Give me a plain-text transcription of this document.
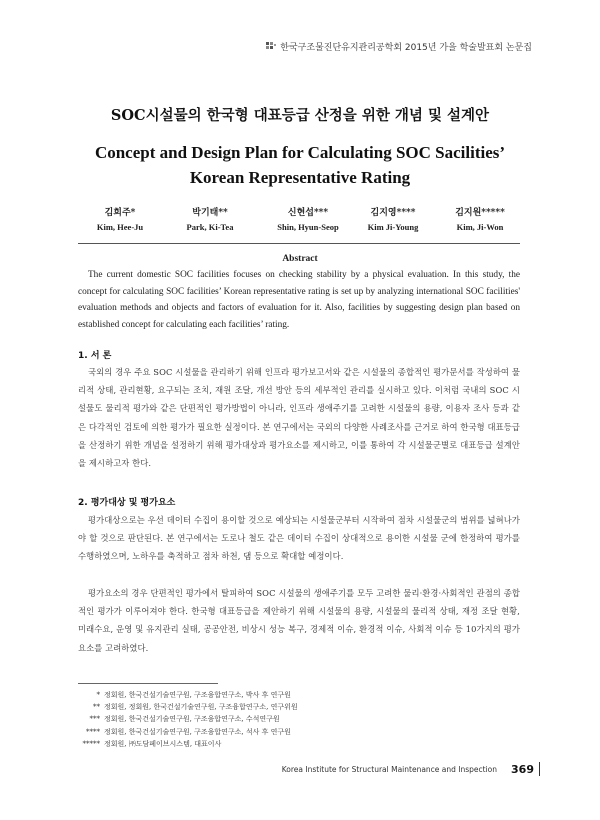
한국구조물진단유지관리공학회 2015년 가을 학술발표회 논문집
SOC시설물의 한국형 대표등급 산정을 위한 개념 및 설계안
Concept and Design Plan for Calculating SOC Sacilities’
Korean Representative Rating
김희주*
Kim, Hee-Ju
박기태**
Park, Ki-Tea
신현섭***
Shin, Hyun-Seop
김지영****
Kim Ji-Young
김지원*****
Kim, Ji-Won
Abstract
The current domestic SOC facilities focuses on checking stability by a physical evaluation. In this study, the concept for calculating SOC facilities’ Korean representative rating is set up by analyzing international SOC facilities' evaluation methods and objects and factors of evaluation for it. Also, facilities by suggesting design plan based on established concept for calculating each facilities’ rating.
1. 서 론
국외의 경우 주요 SOC 시설물을 관리하기 위해 인프라 평가보고서와 같은 시설물의 종합적인 평가문서를 작성하여 물리적 상태, 관리현황, 요구되는 조치, 재원 조달, 개선 방안 등의 세부적인 관리를 실시하고 있다. 이처럼 국내의 SOC 시설물도 물리적 평가와 같은 단편적인 평가방법이 아니라, 인프라 생애주기를 고려한 시설물의 용량, 이용자 조사 등과 같은 다각적인 검토에 의한 평가가 필요한 실정이다. 본 연구에서는 국외의 다양한 사례조사를 근거로 하여 한국형 대표등급을 산정하기 위한 개념을 설정하기 위해 평가대상과 평가요소를 제시하고, 이를 통하여 각 시설물군별로 대표등급 설계안을 제시하고자 한다.
2. 평가대상 및 평가요소
평가대상으로는 우선 데이터 수집이 용이할 것으로 예상되는 시설물군부터 시작하여 점차 시설물군의 범위를 넓혀나가야 할 것으로 판단된다. 본 연구에서는 도로나 철도 같은 데이터 수집이 상대적으로 용이한 시설물 군에 한정하여 평가를 수행하였으며, 노하우를 축적하고 점차 하천, 댐 등으로 확대할 예정이다.
평가요소의 경우 단편적인 평가에서 탈피하여 SOC 시설물의 생애주기를 모두 고려한 물리·환경·사회적인 관점의 종합적인 평가가 이루어져야 한다. 한국형 대표등급을 제안하기 위해 시설물의 용량, 시설물의 물리적 상태, 재정 조달 현황, 미래수요, 운영 및 유지관리 실태, 공공안전, 비상시 성능 복구, 경제적 이슈, 환경적 이슈, 사회적 이슈 등 10가지의 평가요소를 고려하였다.
* 정회원, 한국건설기술연구원, 구조융합연구소, 박사 후 연구원
** 정회원, 정회원, 한국건설기술연구원, 구조융합연구소, 연구위원
*** 정회원, 한국건설기술연구원, 구조융합연구소, 수석연구원
**** 정회원, 한국건설기술연구원, 구조융합연구소, 석사 후 연구원
***** 정회원, ㈜도담페이브시스템, 대표이사
Korea Institute for Structural Maintenance and Inspection 369
